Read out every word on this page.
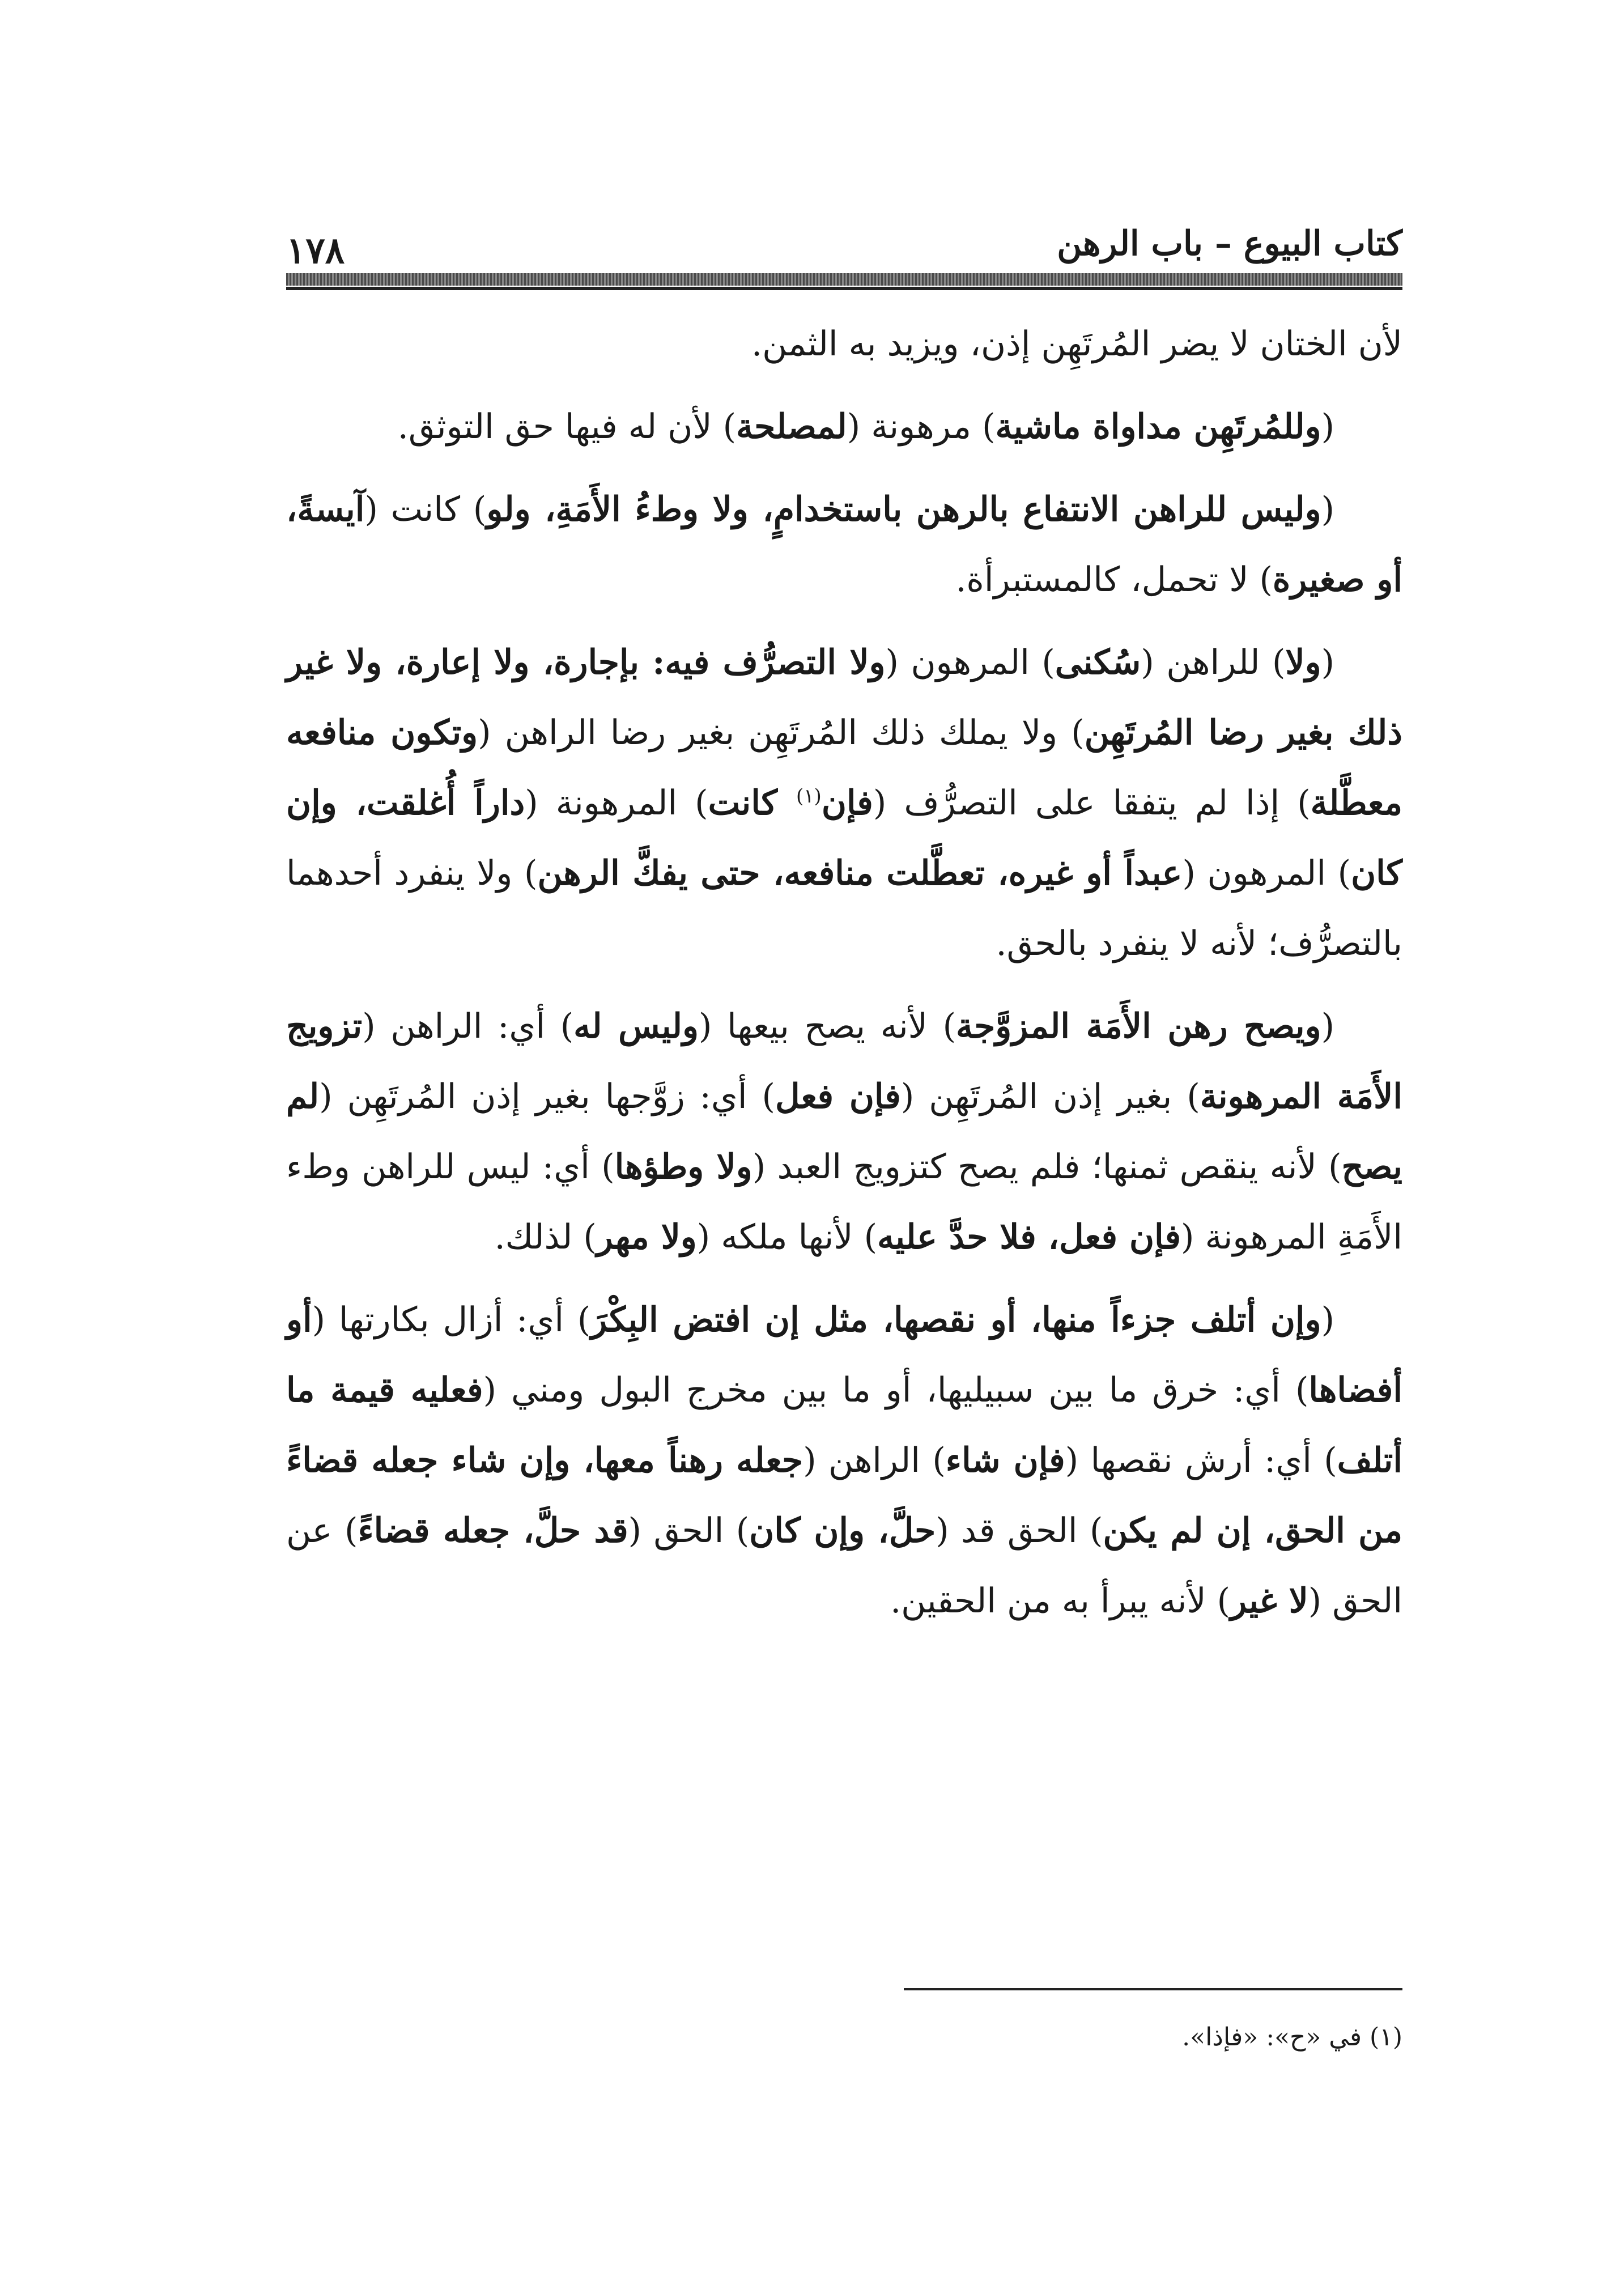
كتاب البيوع – باب الرهن
١٧٨

لأن الختان لا يضر المُرتَهِن إذن، ويزيد به الثمن.

(وللمُرتَهِن مداواة ماشية) مرهونة (لمصلحة) لأن له فيها حق التوثق.

(وليس للراهن الانتفاع بالرهن باستخدامٍ، ولا وطءُ الأَمَةِ، ولو) كانت (آيسةً، أو صغيرة) لا تحمل، كالمستبرأة.

(ولا) للراهن (سُكنى) المرهون (ولا التصرُّف فيه: بإجارة، ولا إعارة، ولا غير ذلك بغير رضا المُرتَهِن) ولا يملك ذلك المُرتَهِن بغير رضا الراهن (وتكون منافعه معطَّلة) إذا لم يتفقا على التصرُّف (فإن$^{(١)}$ كانت) المرهونة (داراً أُغلقت، وإن كان) المرهون (عبداً أو غيره، تعطَّلت منافعه، حتى يفكَّ الرهن) ولا ينفرد أحدهما بالتصرُّف؛ لأنه لا ينفرد بالحق.

(ويصح رهن الأَمَة المزوَّجة) لأنه يصح بيعها (وليس له) أي: الراهن (تزويج الأَمَة المرهونة) بغير إذن المُرتَهِن (فإن فعل) أي: زوَّجها بغير إذن المُرتَهِن (لم يصح) لأنه ينقص ثمنها؛ فلم يصح كتزويج العبد (ولا وطؤها) أي: ليس للراهن وطء الأَمَةِ المرهونة (فإن فعل، فلا حدَّ عليه) لأنها ملكه (ولا مهر) لذلك.

(وإن أتلف جزءاً منها، أو نقصها، مثل إن افتض البِكْرَ) أي: أزال بكارتها (أو أفضاها) أي: خرق ما بين سبيليها، أو ما بين مخرج البول ومني (فعليه قيمة ما أتلف) أي: أرش نقصها (فإن شاء) الراهن (جعله رهناً معها، وإن شاء جعله قضاءً من الحق، إن لم يكن) الحق قد (حلَّ، وإن كان) الحق (قد حلَّ، جعله قضاءً) عن الحق (لا غير) لأنه يبرأ به من الحقين.

(١) في «ح»: «فإذا».
